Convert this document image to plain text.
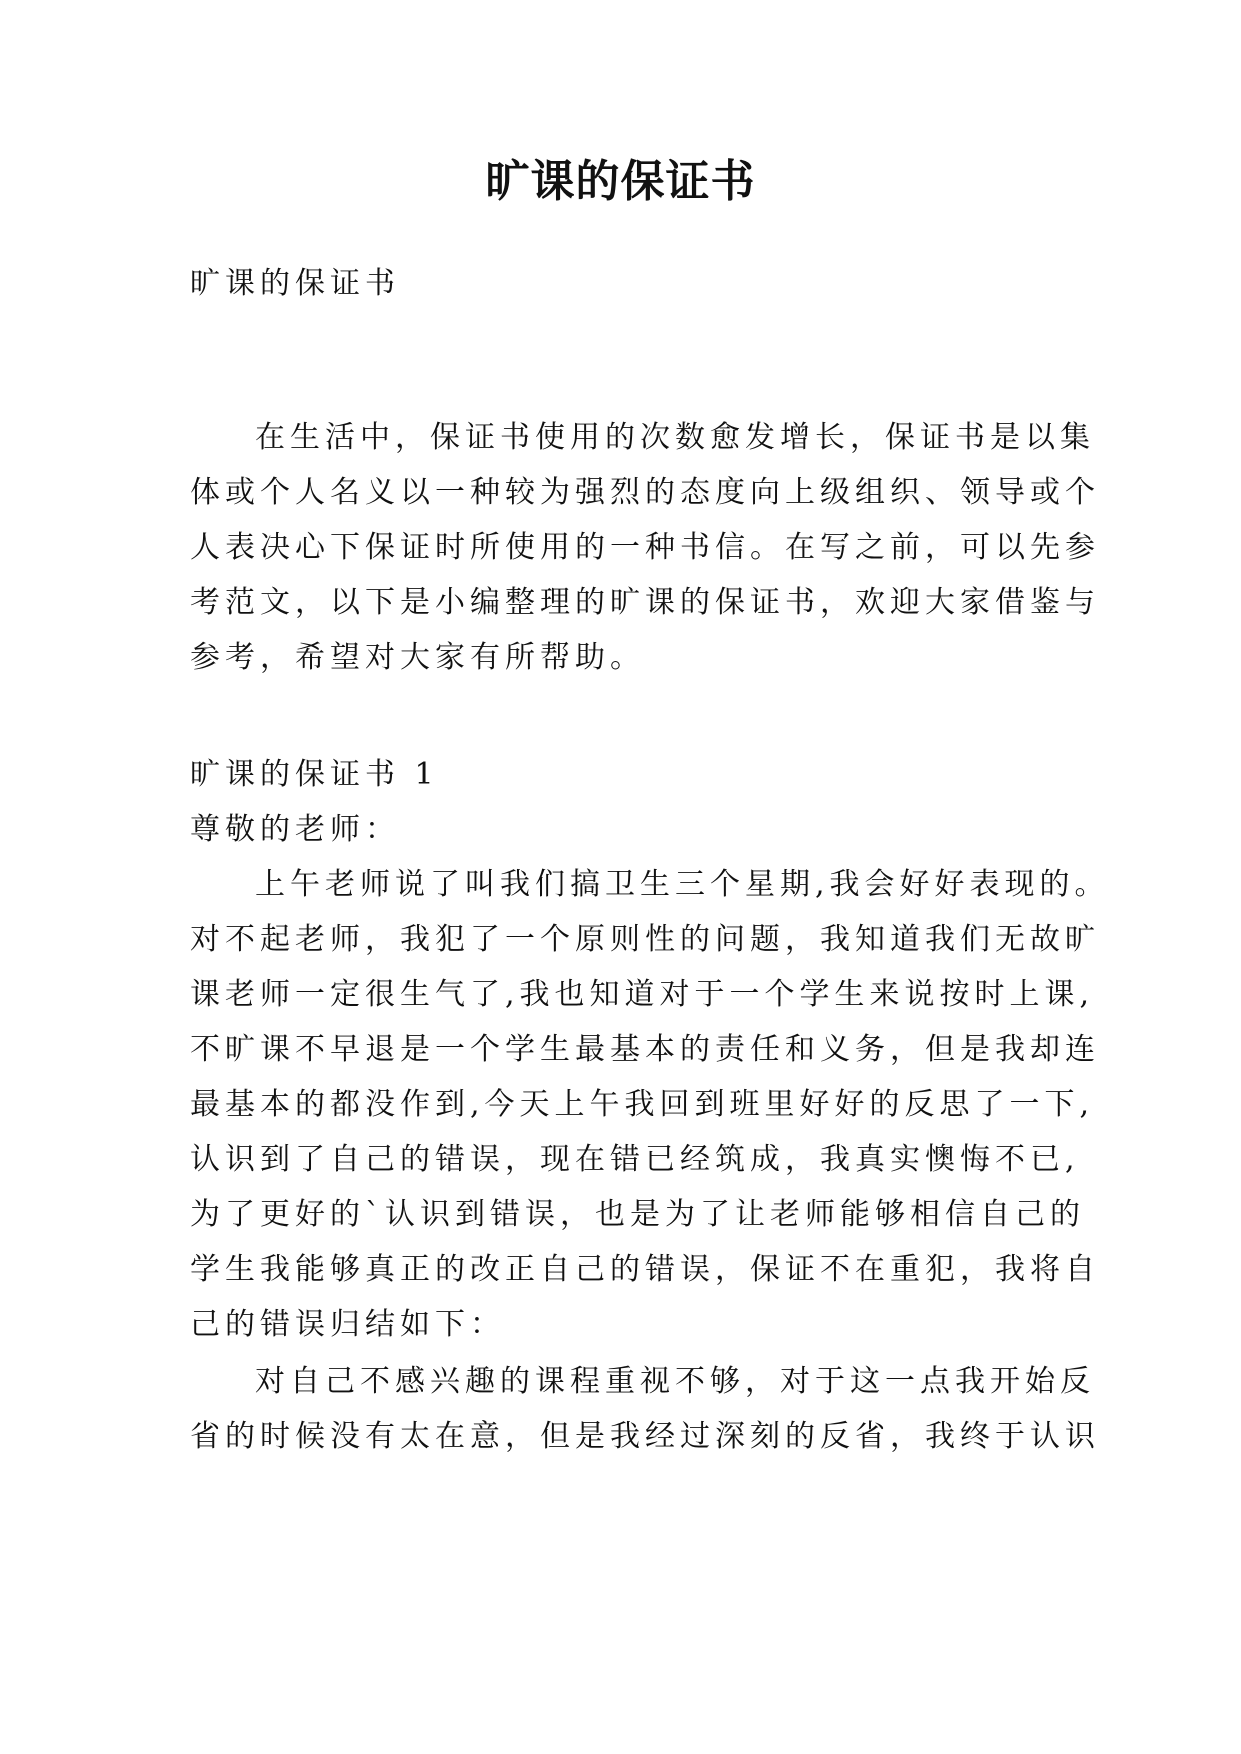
旷课的保证书
旷课的保证书
在生活中，保证书使用的次数愈发增长，保证书是以集
体或个人名义以一种较为强烈的态度向上级组织、领导或个
人表决心下保证时所使用的一种书信。在写之前，可以先参
考范文，以下是小编整理的旷课的保证书，欢迎大家借鉴与
参考，希望对大家有所帮助。
旷课的保证书 1
尊敬的老师：
上午老师说了叫我们搞卫生三个星期,我会好好表现的。
对不起老师，我犯了一个原则性的问题，我知道我们无故旷
课老师一定很生气了,我也知道对于一个学生来说按时上课,
不旷课不早退是一个学生最基本的责任和义务，但是我却连
最基本的都没作到,今天上午我回到班里好好的反思了一下,
认识到了自己的错误，现在错已经筑成，我真实懊悔不已,
为了更好的`认识到错误，也是为了让老师能够相信自己的
学生我能够真正的改正自己的错误，保证不在重犯，我将自
己的错误归结如下：
对自己不感兴趣的课程重视不够，对于这一点我开始反
省的时候没有太在意，但是我经过深刻的反省，我终于认识
